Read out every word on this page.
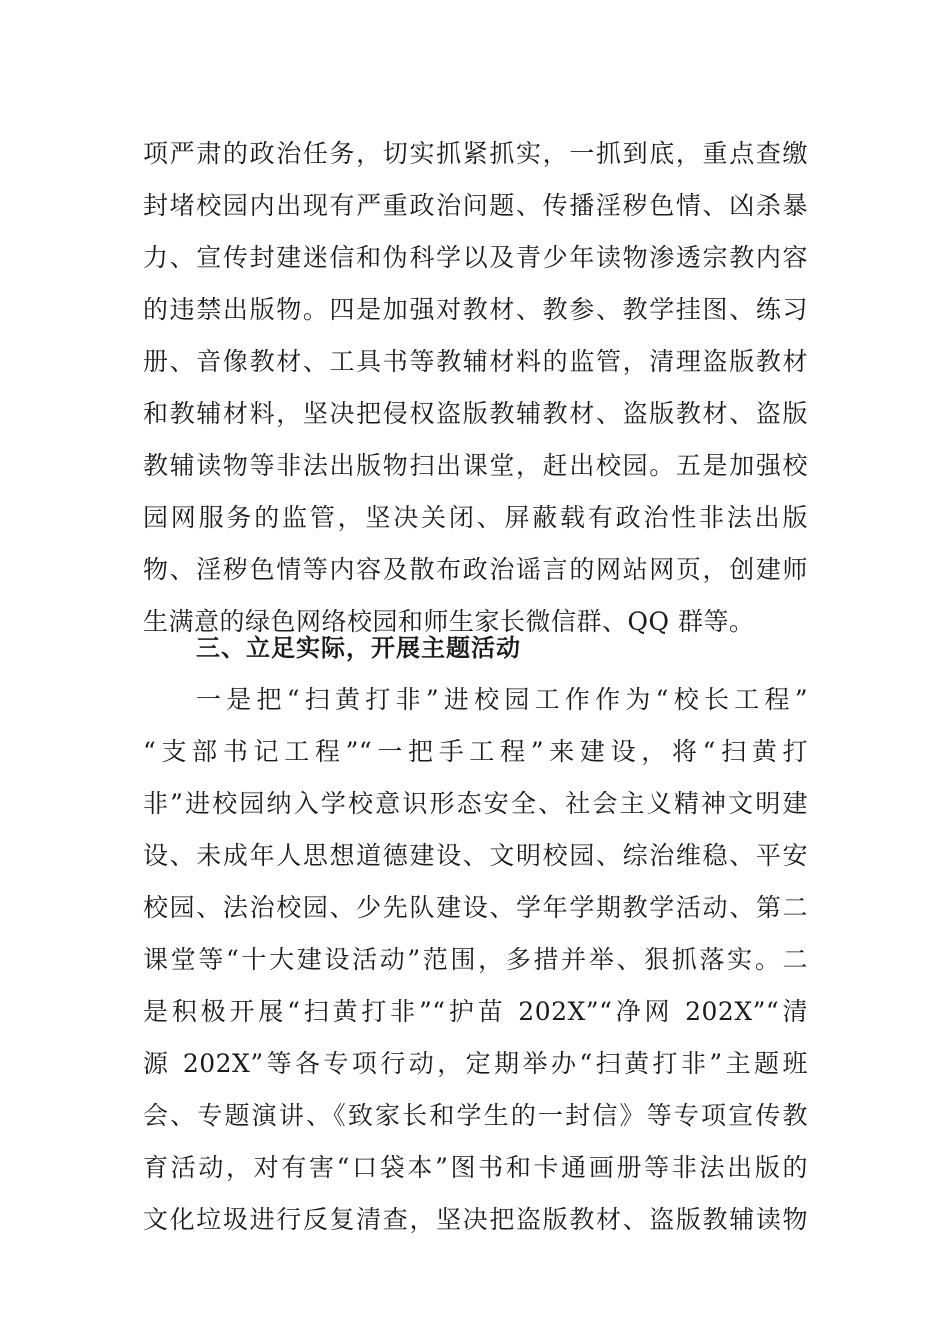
项严肃的政治任务，切实抓紧抓实，一抓到底，重点查缴
封堵校园内出现有严重政治问题、传播淫秽色情、凶杀暴
力、宣传封建迷信和伪科学以及青少年读物渗透宗教内容
的违禁出版物。四是加强对教材、教参、教学挂图、练习
册、音像教材、工具书等教辅材料的监管，清理盗版教材
和教辅材料，坚决把侵权盗版教辅教材、盗版教材、盗版
教辅读物等非法出版物扫出课堂，赶出校园。五是加强校
园网服务的监管，坚决关闭、屏蔽载有政治性非法出版
物、淫秽色情等内容及散布政治谣言的网站网页，创建师
生满意的绿色网络校园和师生家长微信群、QQ 群等。
三、立足实际，开展主题活动
一是把“扫黄打非”进校园工作作为“校长工程”
“支部书记工程”“一把手工程”来建设，将“扫黄打
非”进校园纳入学校意识形态安全、社会主义精神文明建
设、未成年人思想道德建设、文明校园、综治维稳、平安
校园、法治校园、少先队建设、学年学期教学活动、第二
课堂等“十大建设活动”范围，多措并举、狠抓落实。二
是积极开展“扫黄打非”“护苗 202X”“净网 202X”“清
源 202X”等各专项行动，定期举办“扫黄打非”主题班
会、专题演讲、《致家长和学生的一封信》等专项宣传教
育活动，对有害“口袋本”图书和卡通画册等非法出版的
文化垃圾进行反复清查，坚决把盗版教材、盗版教辅读物
